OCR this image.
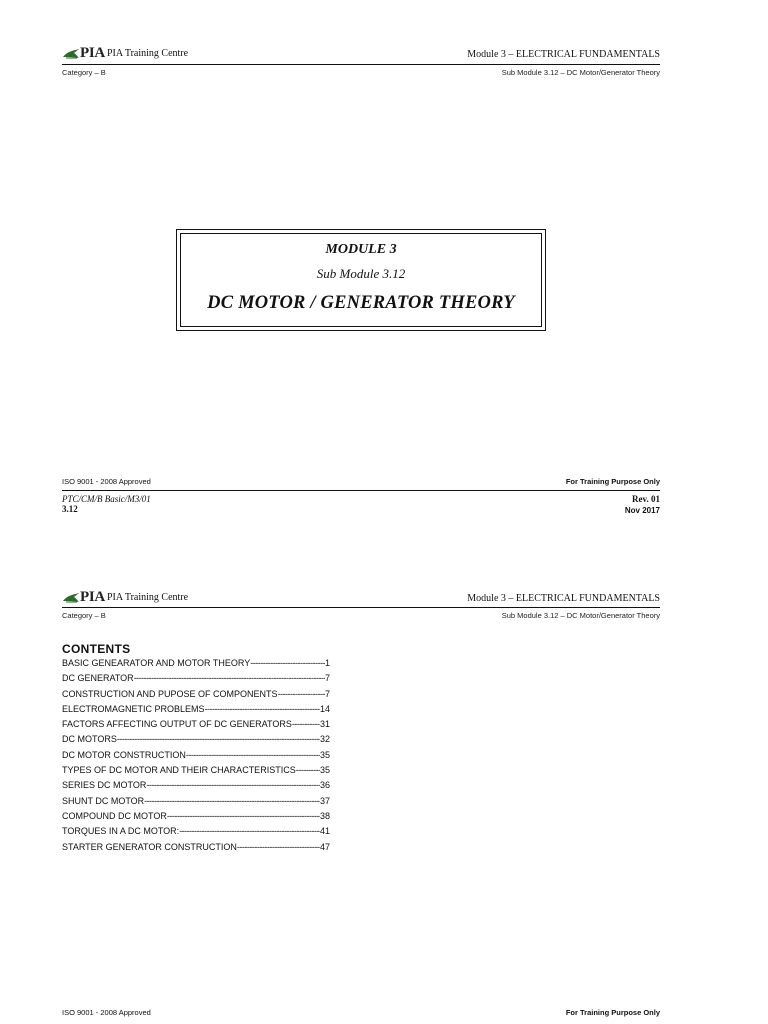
PIA PIA Training Centre	Module 3 – ELECTRICAL FUNDAMENTALS
Category – B	Sub Module 3.12 – DC Motor/Generator Theory
MODULE 3
Sub Module 3.12
DC MOTOR / GENERATOR THEORY
ISO 9001 - 2008 Approved	For Training Purpose Only
PTC/CM/B Basic/M3/01
3.12
Rev. 01
Nov 2017
PIA PIA Training Centre	Module 3 – ELECTRICAL FUNDAMENTALS
Category – B	Sub Module 3.12 – DC Motor/Generator Theory
CONTENTS
BASIC GENEARATOR AND MOTOR THEORY -----	1
DC GENERATOR -----	7
CONSTRUCTION AND PUPOSE OF COMPONENTS -----	7
ELECTROMAGNETIC PROBLEMS -----	14
FACTORS AFFECTING OUTPUT OF DC GENERATORS -----	31
DC MOTORS -----	32
DC MOTOR CONSTRUCTION -----	35
TYPES OF DC MOTOR AND THEIR CHARACTERISTICS -----	35
SERIES DC MOTOR -----	36
SHUNT DC MOTOR -----	37
COMPOUND DC MOTOR -----	38
TORQUES IN A DC MOTOR: -----	41
STARTER GENERATOR CONSTRUCTION -----	47
ISO 9001 - 2008 Approved	For Training Purpose Only
